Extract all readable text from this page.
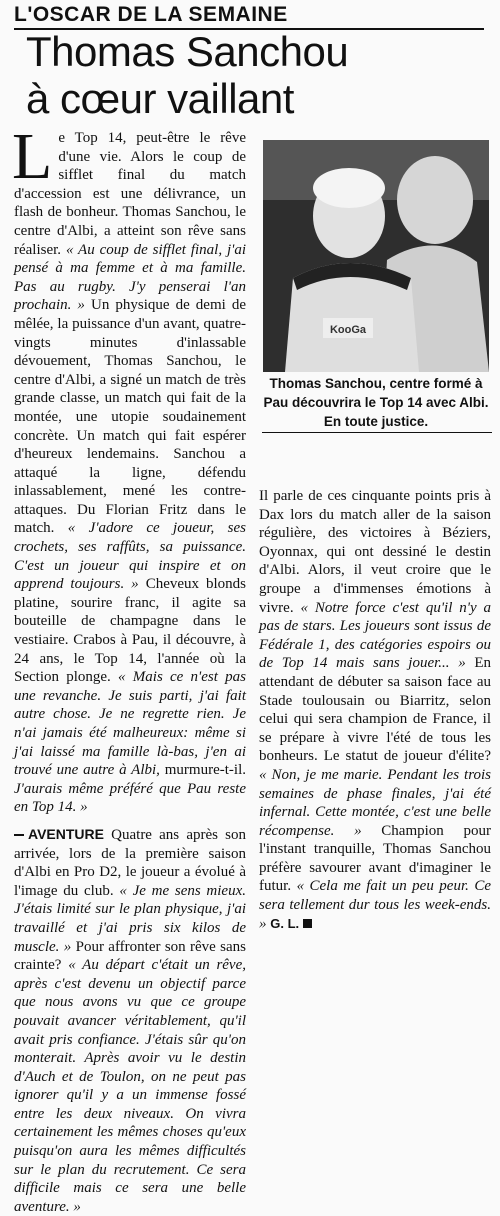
L'OSCAR DE LA SEMAINE
Thomas Sanchou
à cœur vaillant

Le Top 14, peut-être le rêve d'une vie. Alors le coup de sifflet final du match d'accession est une délivrance, un flash de bonheur. Thomas Sanchou, le centre d'Albi, a atteint son rêve sans réaliser. « Au coup de sifflet final, j'ai pensé à ma femme et à ma famille. Pas au rugby. J'y penserai l'an prochain. » Un physique de demi de mêlée, la puissance d'un avant, quatre-vingts minutes d'inlassable dévouement, Thomas Sanchou, le centre d'Albi, a signé un match de très grande classe, un match qui fait de la montée, une utopie soudainement concrète. Un match qui fait espérer d'heureux lendemains. Sanchou a attaqué la ligne, défendu inlassablement, mené les contre-attaques. Du Florian Fritz dans le match. « J'adore ce joueur, ses crochets, ses raffûts, sa puissance. C'est un joueur qui inspire et on apprend toujours. » Cheveux blonds platine, sourire franc, il agite sa bouteille de champagne dans le vestiaire. Crabos à Pau, il découvre, à 24 ans, le Top 14, l'année où la Section plonge. « Mais ce n'est pas une revanche. Je suis parti, j'ai fait autre chose. Je ne regrette rien. Je n'ai jamais été malheureux: même si j'ai laissé ma famille là-bas, j'en ai trouvé une autre à Albi, murmure-t-il. J'aurais même préféré que Pau reste en Top 14. »

AVENTURE Quatre ans après son arrivée, lors de la première saison d'Albi en Pro D2, le joueur a évolué à l'image du club. « Je me sens mieux. J'étais limité sur le plan physique, j'ai travaillé et j'ai pris six kilos de muscle. » Pour affronter son rêve sans crainte? « Au départ c'était un rêve, après c'est devenu un objectif parce que nous avons vu que ce groupe pouvait avancer véritablement, qu'il avait pris confiance. J'étais sûr qu'on monterait. Après avoir vu le destin d'Auch et de Toulon, on ne peut pas ignorer qu'il y a un immense fossé entre les deux niveaux. On vivra certainement les mêmes choses qu'eux puisqu'on aura les mêmes difficultés sur le plan du recrutement. Ce sera difficile mais ce sera une belle aventure. »

KooGa
Thomas Sanchou, centre formé à Pau découvrira le Top 14 avec Albi. En toute justice.

Il parle de ces cinquante points pris à Dax lors du match aller de la saison régulière, des victoires à Béziers, Oyonnax, qui ont dessiné le destin d'Albi. Alors, il veut croire que le groupe a d'immenses émotions à vivre. « Notre force c'est qu'il n'y a pas de stars. Les joueurs sont issus de Fédérale 1, des catégories espoirs ou de Top 14 mais sans jouer... » En attendant de débuter sa saison face au Stade toulousain ou Biarritz, selon celui qui sera champion de France, il se prépare à vivre l'été de tous les bonheurs. Le statut de joueur d'élite? « Non, je me marie. Pendant les trois semaines de phase finales, j'ai été infernal. Cette montée, c'est une belle récompense. » Champion pour l'instant tranquille, Thomas Sanchou préfère savourer avant d'imaginer le futur. « Cela me fait un peu peur. Ce sera tellement dur tous les week-ends. » G. L.
